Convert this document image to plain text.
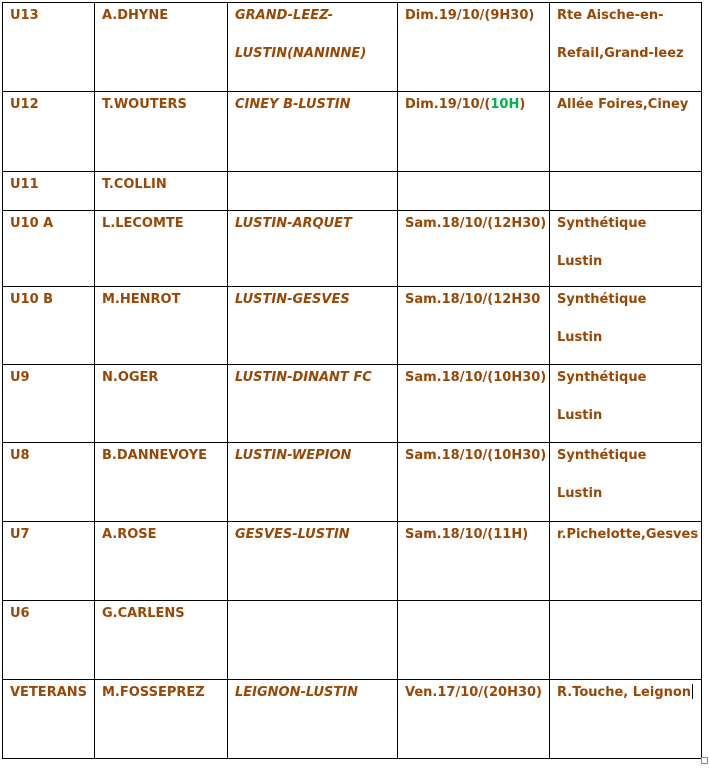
U13	A.DHYNE	GRAND-LEEZ-LUSTIN(NANINNE)	Dim.19/10/(9H30)	Rte Aische-en-Refail,Grand-leez

U12	T.WOUTERS	CINEY B-LUSTIN	Dim.19/10/(10H)	Allée Foires,Ciney

U11	T.COLLIN			

U10 A	L.LECOMTE	LUSTIN-ARQUET	Sam.18/10/(12H30)	Synthétique Lustin

U10 B	M.HENROT	LUSTIN-GESVES	Sam.18/10/(12H30	Synthétique Lustin

U9	N.OGER	LUSTIN-DINANT FC	Sam.18/10/(10H30)	Synthétique Lustin

U8	B.DANNEVOYE	LUSTIN-WEPION	Sam.18/10/(10H30)	Synthétique Lustin

U7	A.ROSE	GESVES-LUSTIN	Sam.18/10/(11H)	r.Pichelotte,Gesves

U6	G.CARLENS			

VETERANS	M.FOSSEPREZ	LEIGNON-LUSTIN	Ven.17/10/(20H30)	R.Touche, Leignon
